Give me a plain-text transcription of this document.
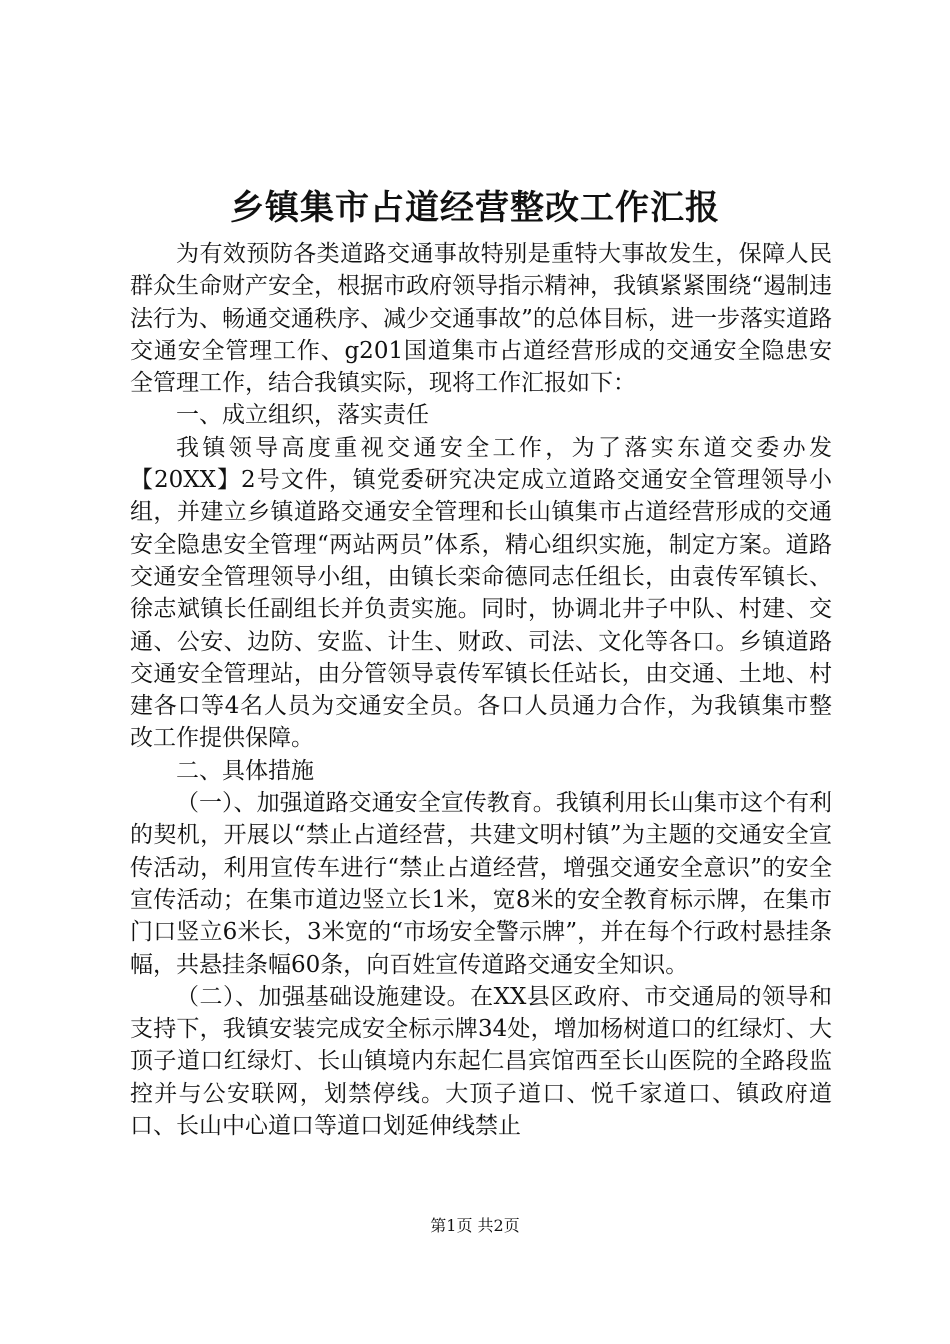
乡镇集市占道经营整改工作汇报

为有效预防各类道路交通事故特别是重特大事故发生，保障人民群众生命财产安全，根据市政府领导指示精神，我镇紧紧围绕“遏制违法行为、畅通交通秩序、减少交通事故”的总体目标，进一步落实道路交通安全管理工作、g201国道集市占道经营形成的交通安全隐患安全管理工作，结合我镇实际，现将工作汇报如下：

一、成立组织，落实责任

我镇领导高度重视交通安全工作，为了落实东道交委办发【20XX】2号文件，镇党委研究决定成立道路交通安全管理领导小组，并建立乡镇道路交通安全管理和长山镇集市占道经营形成的交通安全隐患安全管理“两站两员”体系，精心组织实施，制定方案。道路交通安全管理领导小组，由镇长栾命德同志任组长，由袁传军镇长、徐志斌镇长任副组长并负责实施。同时，协调北井子中队、村建、交通、公安、边防、安监、计生、财政、司法、文化等各口。乡镇道路交通安全管理站，由分管领导袁传军镇长任站长，由交通、土地、村建各口等4名人员为交通安全员。各口人员通力合作，为我镇集市整改工作提供保障。

二、具体措施

（一）、加强道路交通安全宣传教育。我镇利用长山集市这个有利的契机，开展以“禁止占道经营，共建文明村镇”为主题的交通安全宣传活动，利用宣传车进行“禁止占道经营，增强交通安全意识”的安全宣传活动；在集市道边竖立长1米，宽8米的安全教育标示牌，在集市门口竖立6米长，3米宽的“市场安全警示牌”，并在每个行政村悬挂条幅，共悬挂条幅60条，向百姓宣传道路交通安全知识。

（二）、加强基础设施建设。在XX县区政府、市交通局的领导和支持下，我镇安装完成安全标示牌34处，增加杨树道口的红绿灯、大顶子道口红绿灯、长山镇境内东起仁昌宾馆西至长山医院的全路段监控并与公安联网，划禁停线。大顶子道口、悦千家道口、镇政府道口、长山中心道口等道口划延伸线禁止

第1页 共2页
